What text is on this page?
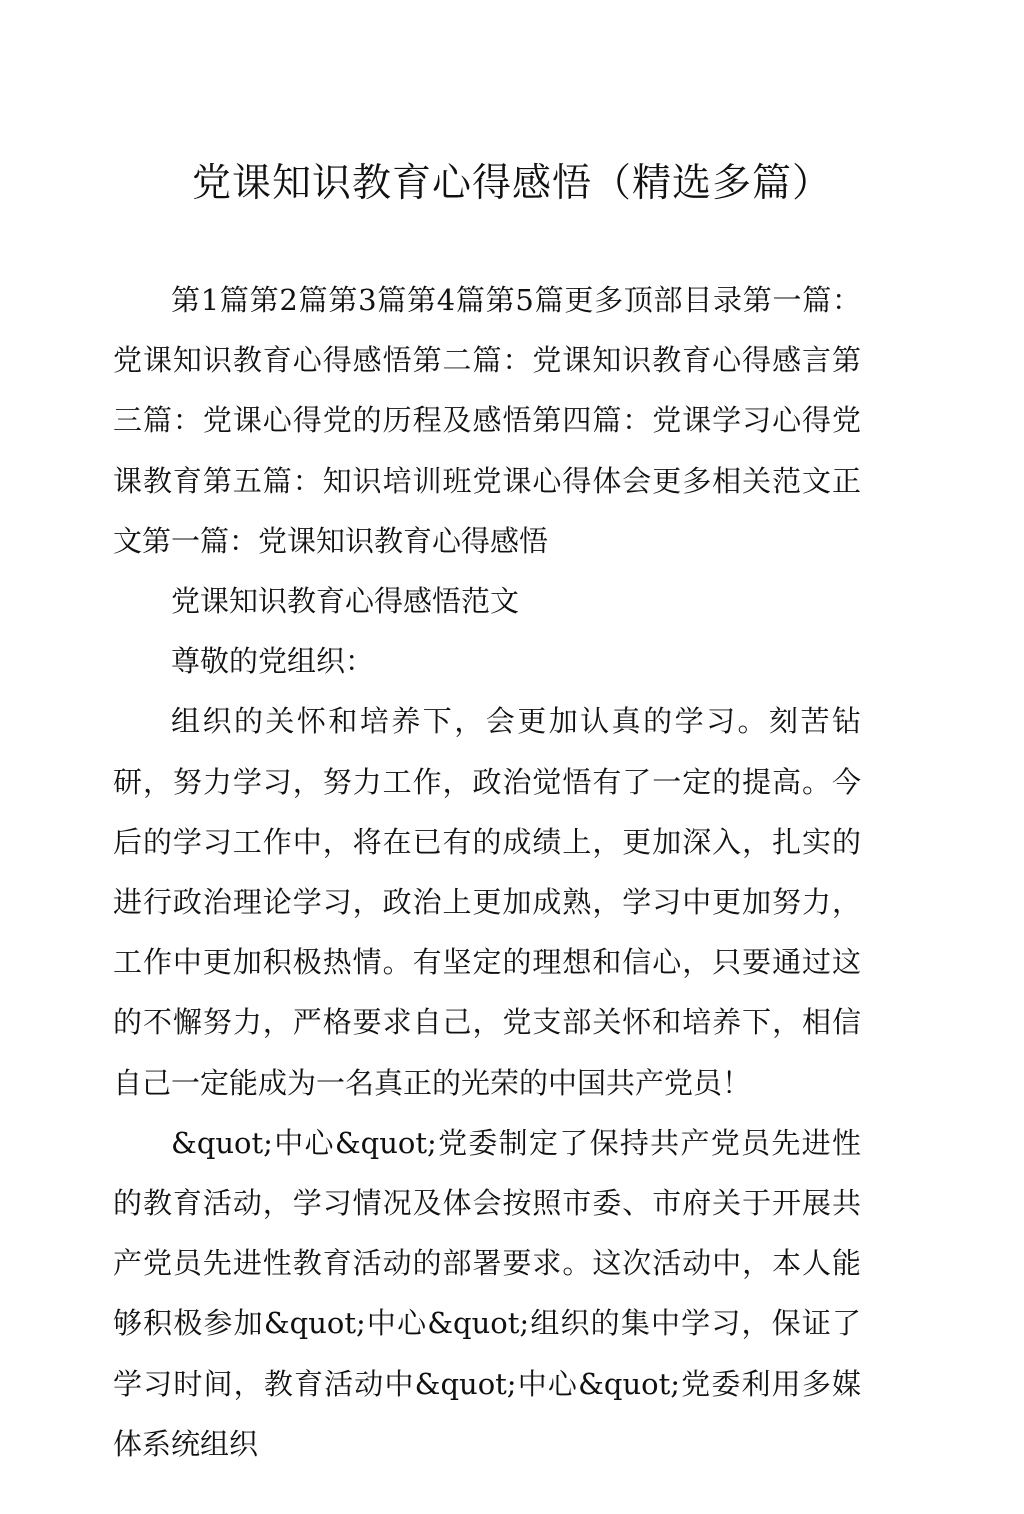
党课知识教育心得感悟（精选多篇）

第1篇第2篇第3篇第4篇第5篇更多顶部目录第一篇：党课知识教育心得感悟第二篇：党课知识教育心得感言第三篇：党课心得党的历程及感悟第四篇：党课学习心得党课教育第五篇：知识培训班党课心得体会更多相关范文正文第一篇：党课知识教育心得感悟

党课知识教育心得感悟范文

尊敬的党组织：

组织的关怀和培养下，会更加认真的学习。刻苦钻研，努力学习，努力工作，政治觉悟有了一定的提高。今后的学习工作中，将在已有的成绩上，更加深入，扎实的进行政治理论学习，政治上更加成熟，学习中更加努力，工作中更加积极热情。有坚定的理想和信心，只要通过这的不懈努力，严格要求自己，党支部关怀和培养下，相信自己一定能成为一名真正的光荣的中国共产党员！

&quot;中心&quot;党委制定了保持共产党员先进性的教育活动，学习情况及体会按照市委、市府关于开展共产党员先进性教育活动的部署要求。这次活动中，本人能够积极参加&quot;中心&quot;组织的集中学习，保证了学习时间，教育活动中&quot;中心&quot;党委利用多媒体系统组织
